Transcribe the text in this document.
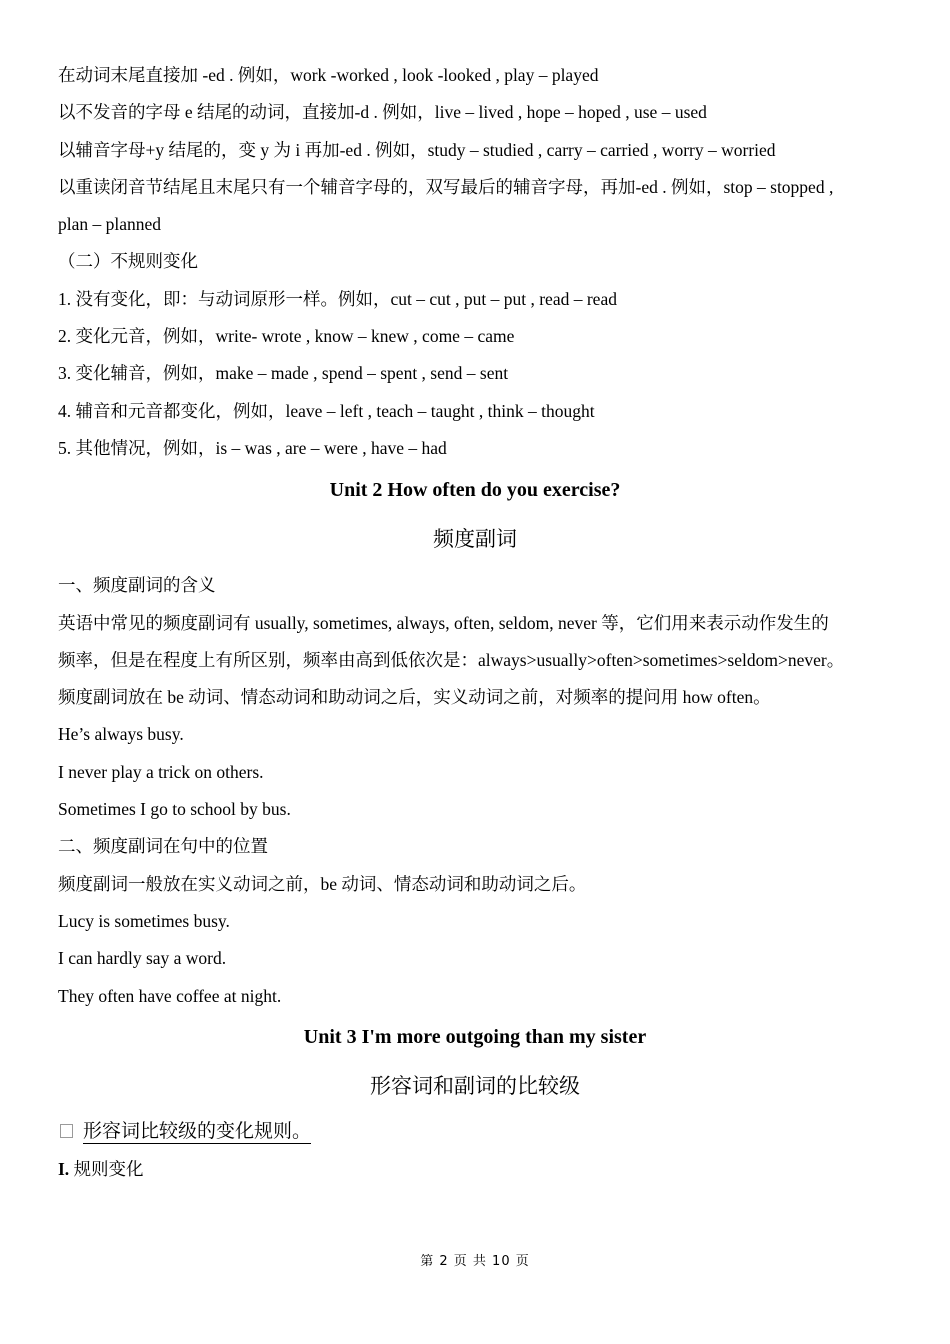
在动词末尾直接加 -ed . 例如，work -worked , look -looked , play – played
以不发音的字母 e 结尾的动词，直接加-d . 例如，live – lived , hope – hoped , use – used
以辅音字母+y 结尾的，变 y 为 i 再加-ed . 例如，study – studied , carry – carried , worry – worried
以重读闭音节结尾且末尾只有一个辅音字母的，双写最后的辅音字母，再加-ed . 例如，stop – stopped ,
plan – planned
（二）不规则变化
1. 没有变化，即：与动词原形一样。例如，cut – cut , put – put , read – read
2. 变化元音，例如，write- wrote , know – knew , come – came
3. 变化辅音，例如，make – made , spend – spent , send – sent
4. 辅音和元音都变化，例如，leave – left , teach – taught , think – thought
5. 其他情况，例如，is – was , are – were , have – had
Unit 2 How often do you exercise?
频度副词
一、频度副词的含义
英语中常见的频度副词有 usually, sometimes, always, often, seldom, never 等，它们用来表示动作发生的
频率，但是在程度上有所区别，频率由高到低依次是：always>usually>often>sometimes>seldom>never。
频度副词放在 be 动词、情态动词和助动词之后，实义动词之前，对频率的提问用 how often。
He’s always busy.
I never play a trick on others.
Sometimes I go to school by bus.
二、频度副词在句中的位置
频度副词一般放在实义动词之前，be 动词、情态动词和助动词之后。
Lucy is sometimes busy.
I can hardly say a word.
They often have coffee at night.
Unit 3 I'm more outgoing than my sister
形容词和副词的比较级
形容词比较级的变化规则。
I. 规则变化
第 2 页 共 10 页
